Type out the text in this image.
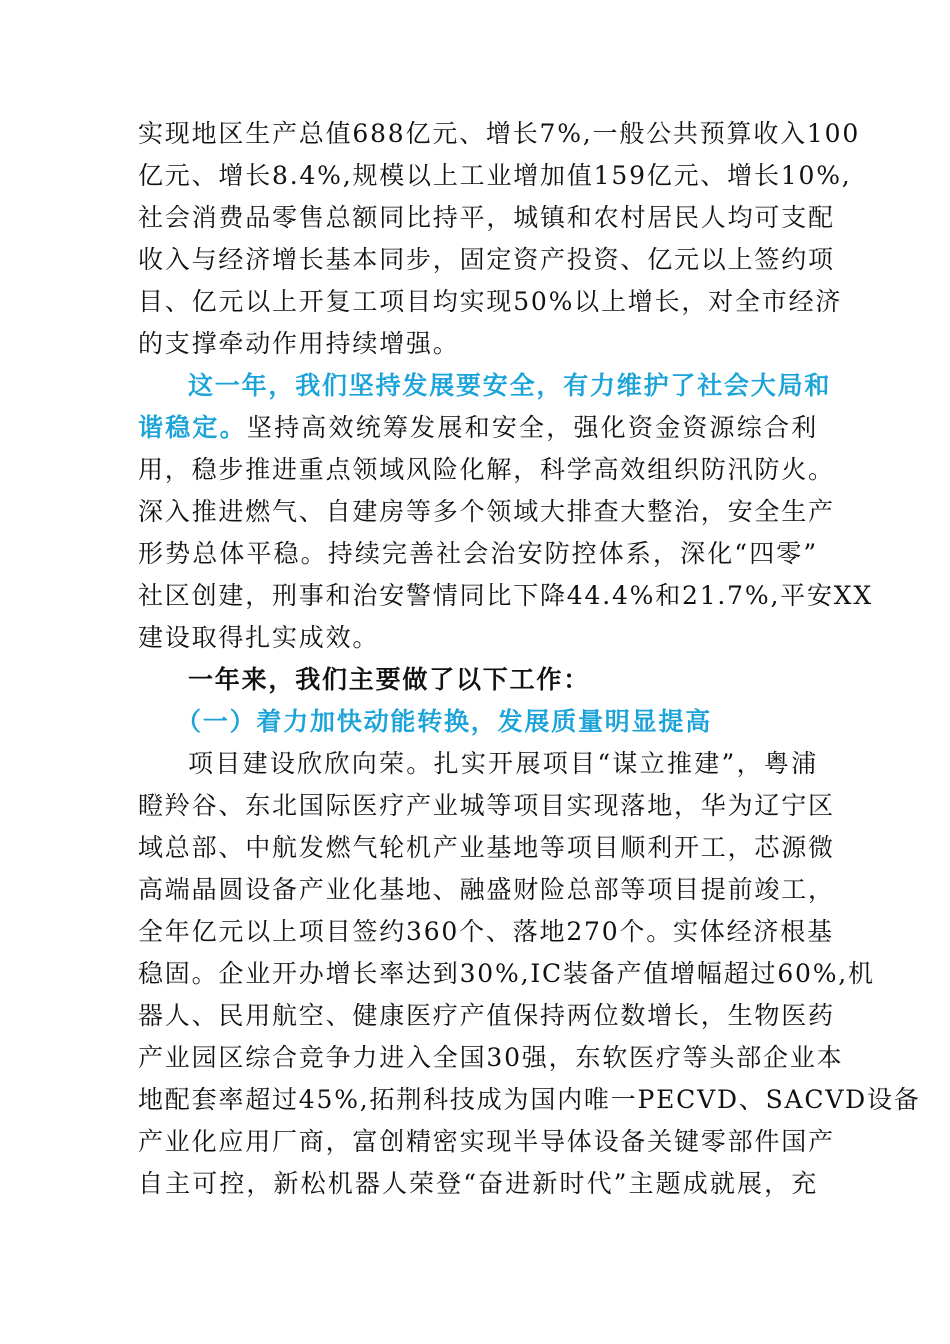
实现地区生产总值688亿元、增长7%,一般公共预算收入100
亿元、增长8.4%,规模以上工业增加值159亿元、增长10%,
社会消费品零售总额同比持平，城镇和农村居民人均可支配
收入与经济增长基本同步，固定资产投资、亿元以上签约项
目、亿元以上开复工项目均实现50%以上增长，对全市经济
的支撑牵动作用持续增强。
这一年，我们坚持发展要安全，有力维护了社会大局和
谐稳定。坚持高效统筹发展和安全，强化资金资源综合利
用，稳步推进重点领域风险化解，科学高效组织防汛防火。
深入推进燃气、自建房等多个领域大排查大整治，安全生产
形势总体平稳。持续完善社会治安防控体系，深化“四零”
社区创建，刑事和治安警情同比下降44.4%和21.7%,平安XX
建设取得扎实成效。
一年来，我们主要做了以下工作：
（一）着力加快动能转换，发展质量明显提高
项目建设欣欣向荣。扎实开展项目“谋立推建”，粤浦
瞪羚谷、东北国际医疗产业城等项目实现落地，华为辽宁区
域总部、中航发燃气轮机产业基地等项目顺利开工，芯源微
高端晶圆设备产业化基地、融盛财险总部等项目提前竣工，
全年亿元以上项目签约360个、落地270个。实体经济根基
稳固。企业开办增长率达到30%,IC装备产值增幅超过60%,机
器人、民用航空、健康医疗产值保持两位数增长，生物医药
产业园区综合竞争力进入全国30强，东软医疗等头部企业本
地配套率超过45%,拓荆科技成为国内唯一PECVD、SACVD设备
产业化应用厂商，富创精密实现半导体设备关键零部件国产
自主可控，新松机器人荣登“奋进新时代”主题成就展，充
